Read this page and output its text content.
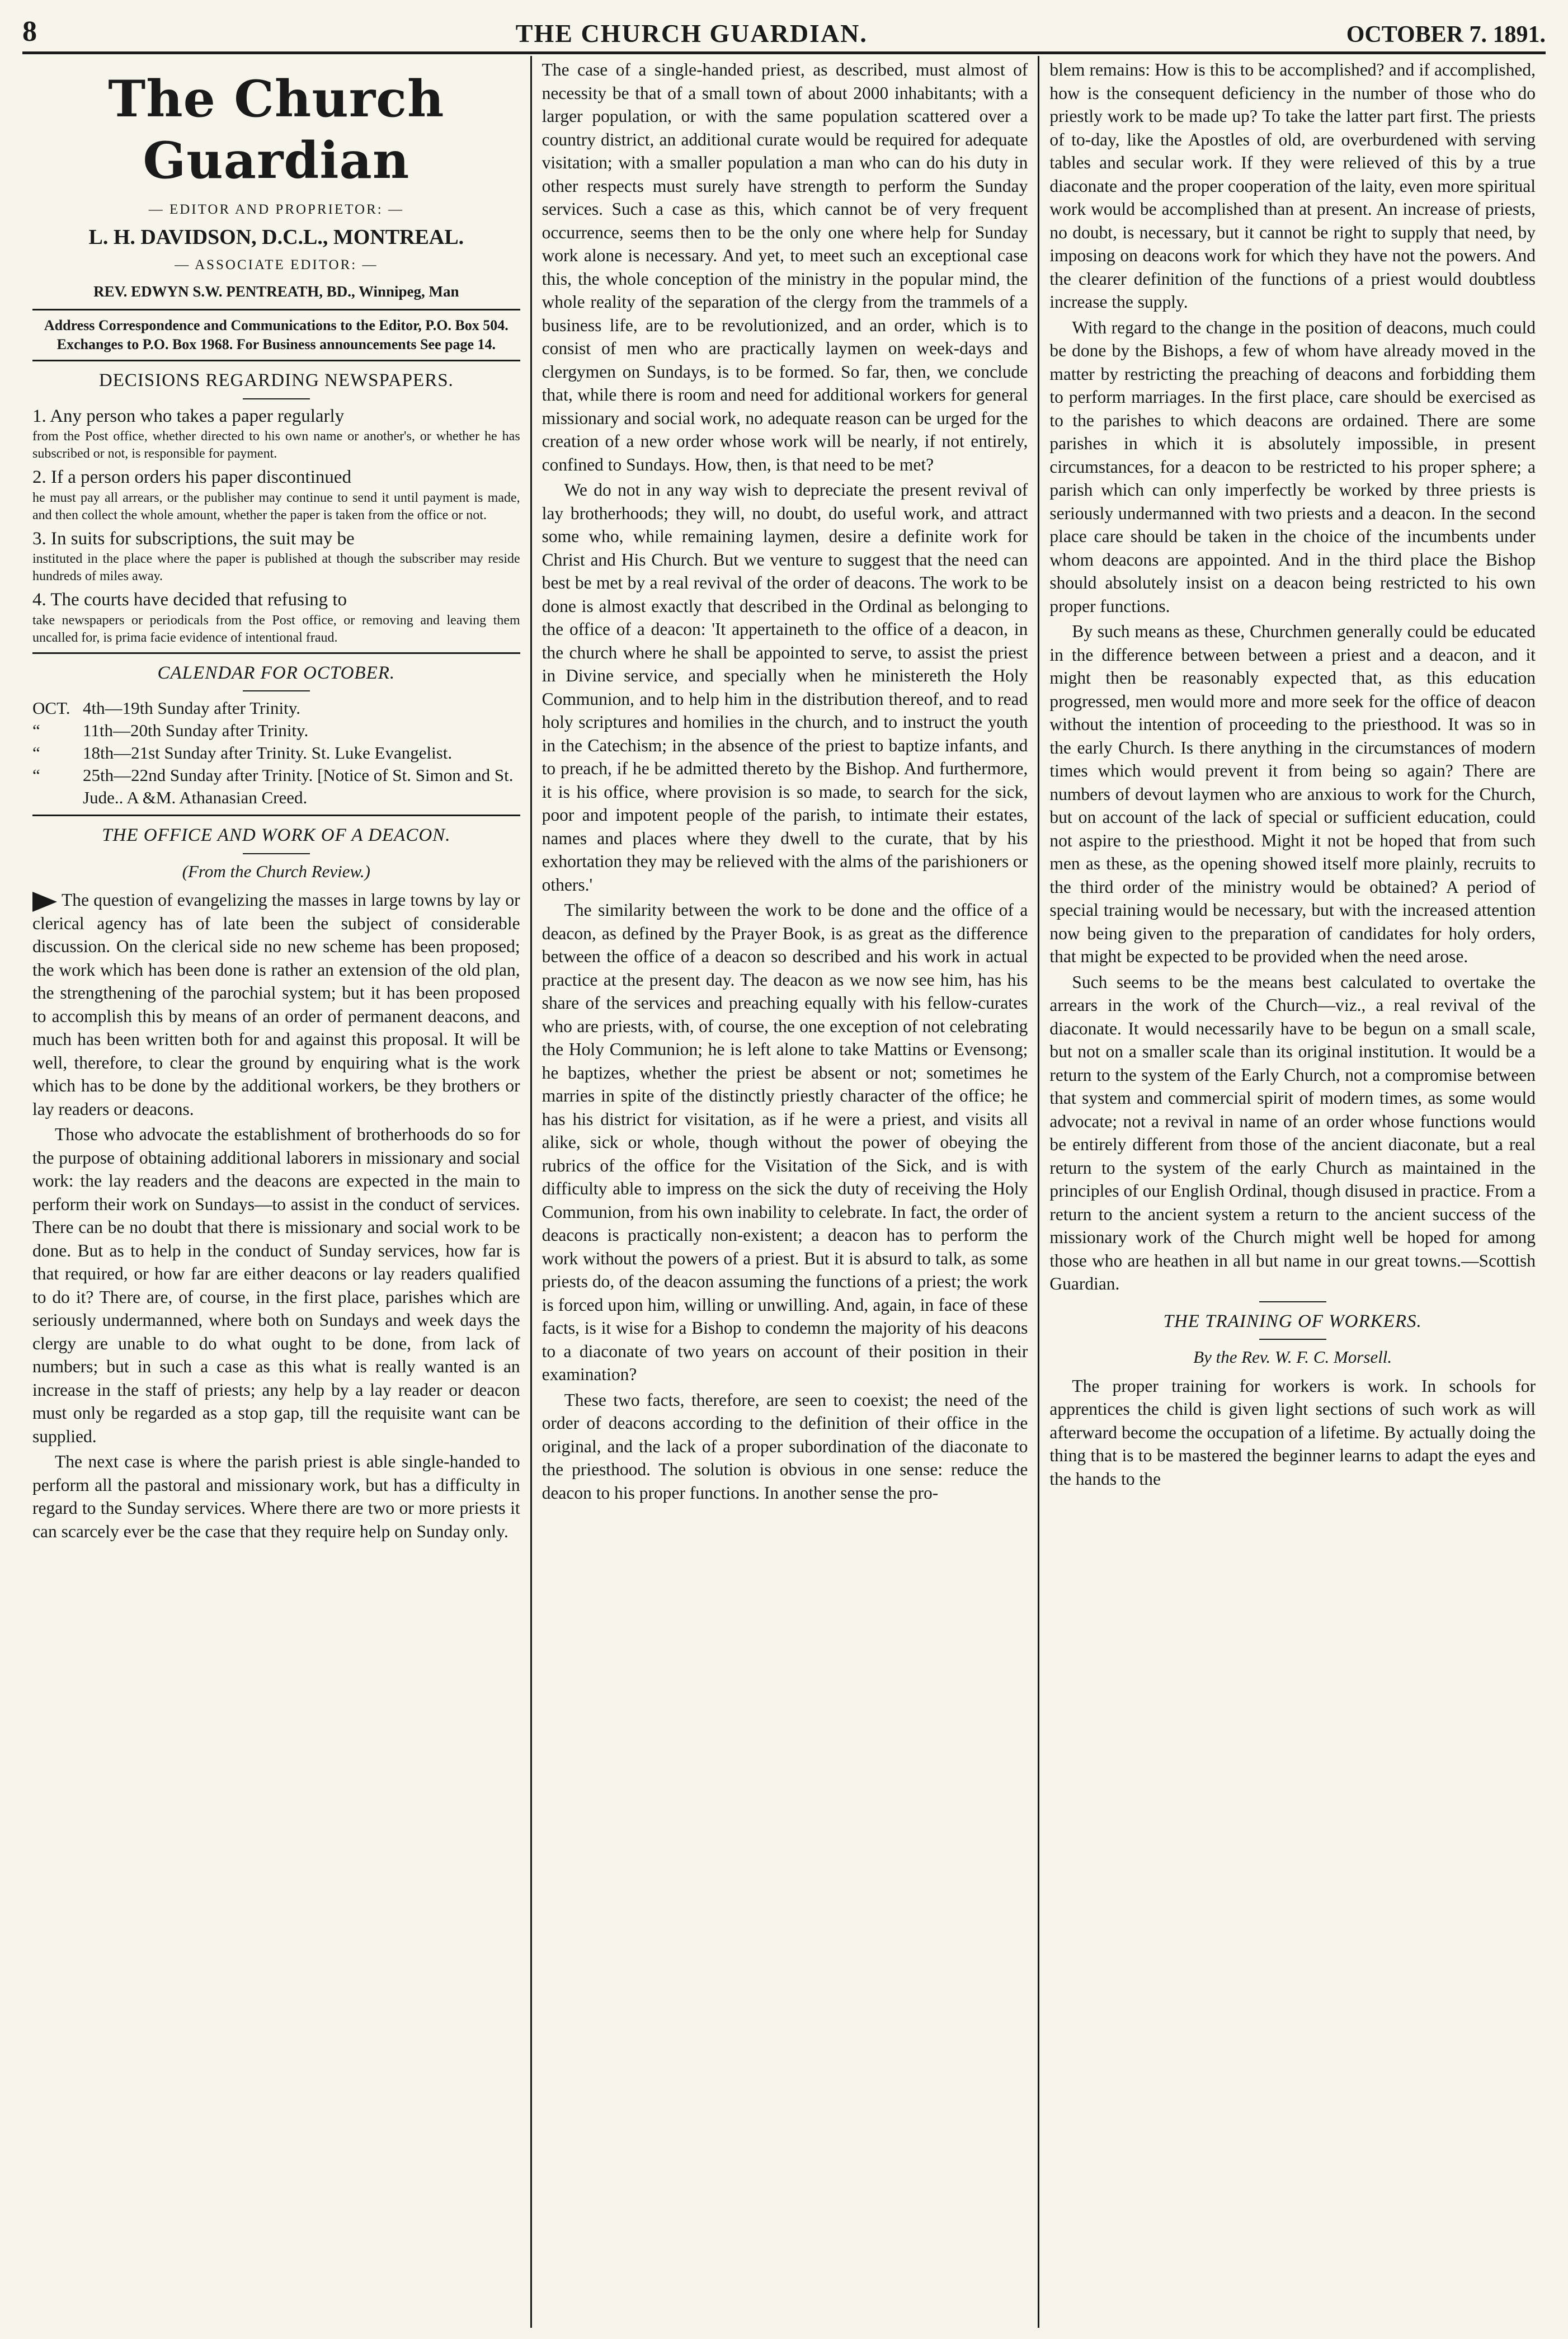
8	THE CHURCH GUARDIAN.	OCTOBER 7. 1891.
The Church Guardian
— EDITOR AND PROPRIETOR: —
L. H. DAVIDSON, D.C.L., MONTREAL.
— ASSOCIATE EDITOR: —
REV. EDWYN S.W. PENTREATH, BD., Winnipeg, Man
Address Correspondence and Communications to the Editor, P.O. Box 504. Exchanges to P.O. Box 1968. For Business announcements See page 14.
DECISIONS REGARDING NEWSPAPERS.
1. Any person who takes a paper regularly
from the Post office, whether directed to his own name or another's, or whether he has subscribed or not, is responsible for payment.
2. If a person orders his paper discontinued
he must pay all arrears, or the publisher may continue to send it until payment is made, and then collect the whole amount, whether the paper is taken from the office or not.
3. In suits for subscriptions, the suit may be
instituted in the place where the paper is published at though the subscriber may reside hundreds of miles away.
4. The courts have decided that refusing to
take newspapers or periodicals from the Post office, or removing and leaving them uncalled for, is prima facie evidence of intentional fraud.
CALENDAR FOR OCTOBER.
OCT. 4th—19th Sunday after Trinity.
“	11th—20th Sunday after Trinity.
“	18th—21st Sunday after Trinity. St. Luke Evangelist.
“	25th—22nd Sunday after Trinity. [Notice of St. Simon and St. Jude.. A &M. Athanasian Creed.
THE OFFICE AND WORK OF A DEACON.
(From the Church Review.)

The question of evangelizing the masses in large towns by lay or clerical agency has of late been the subject of considerable discussion. On the clerical side no new scheme has been proposed; the work which has been done is rather an extension of the old plan, the strengthening of the parochial system; but it has been proposed to accomplish this by means of an order of permanent deacons, and much has been written both for and against this proposal. It will be well, therefore, to clear the ground by enquiring what is the work which has to be done by the additional workers, be they brothers or lay readers or deacons.

Those who advocate the establishment of brotherhoods do so for the purpose of obtaining additional laborers in missionary and social work: the lay readers and the deacons are expected in the main to perform their work on Sundays—to assist in the conduct of services. There can be no doubt that there is missionary and social work to be done. But as to help in the conduct of Sunday services, how far is that required, or how far are either deacons or lay readers qualified to do it? There are, of course, in the first place, parishes which are seriously undermanned, where both on Sundays and week days the clergy are unable to do what ought to be done, from lack of numbers; but in such a case as this what is really wanted is an increase in the staff of priests; any help by a lay reader or deacon must only be regarded as a stop gap, till the requisite want can be supplied.

The next case is where the parish priest is able single-handed to perform all the pastoral and missionary work, but has a difficulty in regard to the Sunday services. Where there are two or more priests it can scarcely ever be the case that they require help on Sunday only.

The case of a single-handed priest, as described, must almost of necessity be that of a small town of about 2000 inhabitants; with a larger population, or with the same population scattered over a country district, an additional curate would be required for adequate visitation; with a smaller population a man who can do his duty in other respects must surely have strength to perform the Sunday services. Such a case as this, which cannot be of very frequent occurrence, seems then to be the only one where help for Sunday work alone is necessary. And yet, to meet such an exceptional case this, the whole conception of the ministry in the popular mind, the whole reality of the separation of the clergy from the trammels of a business life, are to be revolutionized, and an order, which is to consist of men who are practically laymen on week-days and clergymen on Sundays, is to be formed. So far, then, we conclude that, while there is room and need for additional workers for general missionary and social work, no adequate reason can be urged for the creation of a new order whose work will be nearly, if not entirely, confined to Sundays. How, then, is that need to be met?

We do not in any way wish to depreciate the present revival of lay brotherhoods; they will, no doubt, do useful work, and attract some who, while remaining laymen, desire a definite work for Christ and His Church. But we venture to suggest that the need can best be met by a real revival of the order of deacons. The work to be done is almost exactly that described in the Ordinal as belonging to the office of a deacon: 'It appertaineth to the office of a deacon, in the church where he shall be appointed to serve, to assist the priest in Divine service, and specially when he ministereth the Holy Communion, and to help him in the distribution thereof, and to read holy scriptures and homilies in the church, and to instruct the youth in the Catechism; in the absence of the priest to baptize infants, and to preach, if he be admitted thereto by the Bishop. And furthermore, it is his office, where provision is so made, to search for the sick, poor and impotent people of the parish, to intimate their estates, names and places where they dwell to the curate, that by his exhortation they may be relieved with the alms of the parishioners or others.'

The similarity between the work to be done and the office of a deacon, as defined by the Prayer Book, is as great as the difference between the office of a deacon so described and his work in actual practice at the present day. The deacon as we now see him, has his share of the services and preaching equally with his fellow-curates who are priests, with, of course, the one exception of not celebrating the Holy Communion; he is left alone to take Mattins or Evensong; he baptizes, whether the priest be absent or not; sometimes he marries in spite of the distinctly priestly character of the office; he has his district for visitation, as if he were a priest, and visits all alike, sick or whole, though without the power of obeying the rubrics of the office for the Visitation of the Sick, and is with difficulty able to impress on the sick the duty of receiving the Holy Communion, from his own inability to celebrate. In fact, the order of deacons is practically non-existent; a deacon has to perform the work without the powers of a priest. But it is absurd to talk, as some priests do, of the deacon assuming the functions of a priest; the work is forced upon him, willing or unwilling. And, again, in face of these facts, is it wise for a Bishop to condemn the majority of his deacons to a diaconate of two years on account of their position in their examination?

These two facts, therefore, are seen to coexist; the need of the order of deacons according to the definition of their office in the original, and the lack of a proper subordination of the diaconate to the priesthood. The solution is obvious in one sense: reduce the deacon to his proper functions. In another sense the pro-

blem remains: How is this to be accomplished? and if accomplished, how is the consequent deficiency in the number of those who do priestly work to be made up? To take the latter part first. The priests of to-day, like the Apostles of old, are overburdened with serving tables and secular work. If they were relieved of this by a true diaconate and the proper cooperation of the laity, even more spiritual work would be accomplished than at present. An increase of priests, no doubt, is necessary, but it cannot be right to supply that need, by imposing on deacons work for which they have not the powers. And the clearer definition of the functions of a priest would doubtless increase the supply.

With regard to the change in the position of deacons, much could be done by the Bishops, a few of whom have already moved in the matter by restricting the preaching of deacons and forbidding them to perform marriages. In the first place, care should be exercised as to the parishes to which deacons are ordained. There are some parishes in which it is absolutely impossible, in present circumstances, for a deacon to be restricted to his proper sphere; a parish which can only imperfectly be worked by three priests is seriously undermanned with two priests and a deacon. In the second place care should be taken in the choice of the incumbents under whom deacons are appointed. And in the third place the Bishop should absolutely insist on a deacon being restricted to his own proper functions.

By such means as these, Churchmen generally could be educated in the difference between between a priest and a deacon, and it might then be reasonably expected that, as this education progressed, men would more and more seek for the office of deacon without the intention of proceeding to the priesthood. It was so in the early Church. Is there anything in the circumstances of modern times which would prevent it from being so again? There are numbers of devout laymen who are anxious to work for the Church, but on account of the lack of special or sufficient education, could not aspire to the priesthood. Might it not be hoped that from such men as these, as the opening showed itself more plainly, recruits to the third order of the ministry would be obtained? A period of special training would be necessary, but with the increased attention now being given to the preparation of candidates for holy orders, that might be expected to be provided when the need arose.

Such seems to be the means best calculated to overtake the arrears in the work of the Church—viz., a real revival of the diaconate. It would necessarily have to be begun on a small scale, but not on a smaller scale than its original institution. It would be a return to the system of the Early Church, not a compromise between that system and commercial spirit of modern times, as some would advocate; not a revival in name of an order whose functions would be entirely different from those of the ancient diaconate, but a real return to the system of the early Church as maintained in the principles of our English Ordinal, though disused in practice. From a return to the ancient system a return to the ancient success of the missionary work of the Church might well be hoped for among those who are heathen in all but name in our great towns.—Scottish Guardian.

THE TRAINING OF WORKERS.
By the Rev. W. F. C. Morsell.

The proper training for workers is work. In schools for apprentices the child is given light sections of such work as will afterward become the occupation of a lifetime. By actually doing the thing that is to be mastered the beginner learns to adapt the eyes and the hands to the
